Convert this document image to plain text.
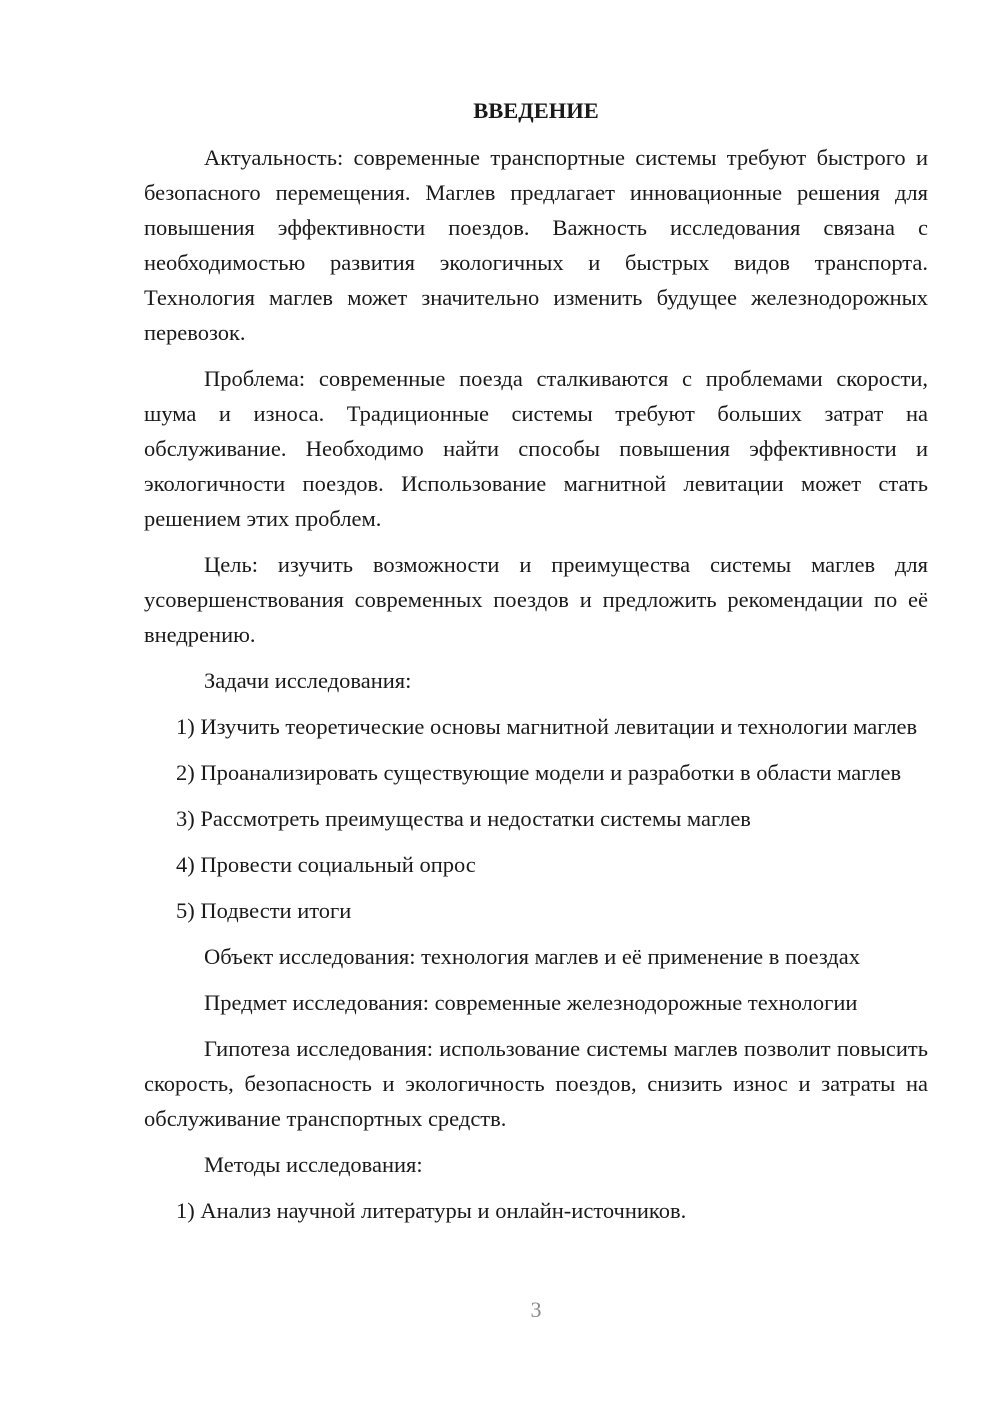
ВВЕДЕНИЕ

Актуальность: современные транспортные системы требуют быстрого и безопасного перемещения. Маглев предлагает инновационные решения для повышения эффективности поездов. Важность исследования связана с необходимостью развития экологичных и быстрых видов транспорта. Технология маглев может значительно изменить будущее железнодорожных перевозок.

Проблема: современные поезда сталкиваются с проблемами скорости, шума и износа. Традиционные системы требуют больших затрат на обслуживание. Необходимо найти способы повышения эффективности и экологичности поездов. Использование магнитной левитации может стать решением этих проблем.

Цель: изучить возможности и преимущества системы маглев для усовершенствования современных поездов и предложить рекомендации по её внедрению.

Задачи исследования:

1) Изучить теоретические основы магнитной левитации и технологии маглев

2) Проанализировать существующие модели и разработки в области маглев

3) Рассмотреть преимущества и недостатки системы маглев

4) Провести социальный опрос

5) Подвести итоги

Объект исследования: технология маглев и её применение в поездах

Предмет исследования: современные железнодорожные технологии

Гипотеза исследования: использование системы маглев позволит повысить скорость, безопасность и экологичность поездов, снизить износ и затраты на обслуживание транспортных средств.

Методы исследования:

1) Анализ научной литературы и онлайн-источников.

3
